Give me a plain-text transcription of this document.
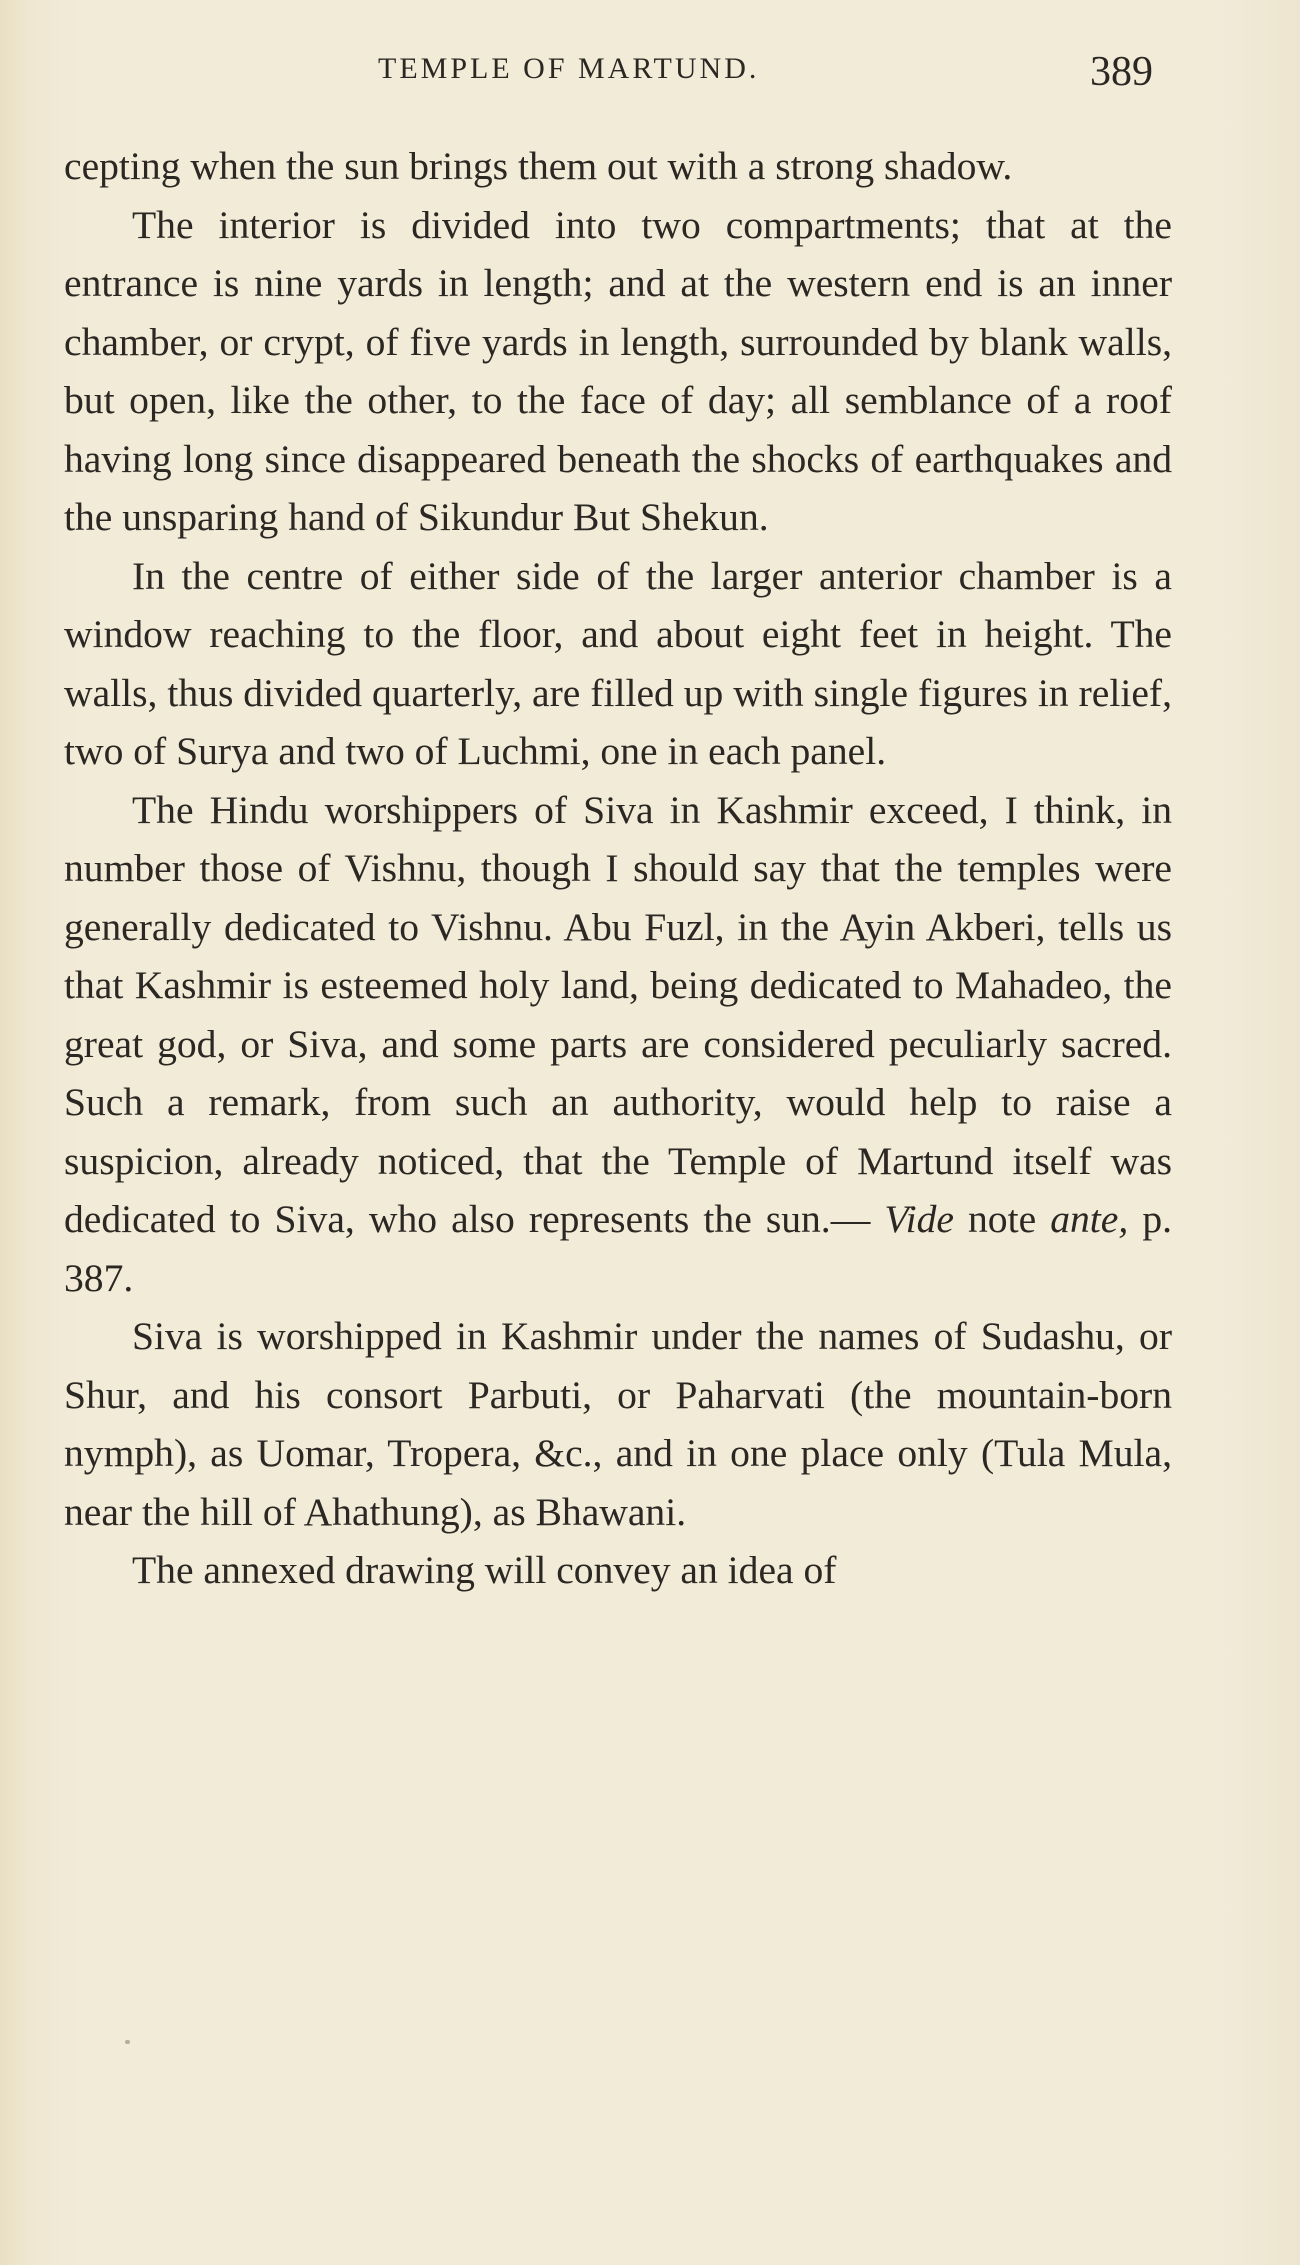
TEMPLE OF MARTUND.	389

cepting when the sun brings them out with a strong shadow.

The interior is divided into two compartments; that at the entrance is nine yards in length; and at the western end is an inner chamber, or crypt, of five yards in length, surrounded by blank walls, but open, like the other, to the face of day; all semblance of a roof having long since disappeared beneath the shocks of earthquakes and the unsparing hand of Sikundur But Shekun.

In the centre of either side of the larger anterior chamber is a window reaching to the floor, and about eight feet in height. The walls, thus divided quarterly, are filled up with single figures in relief, two of Surya and two of Luchmi, one in each panel.

The Hindu worshippers of Siva in Kashmir exceed, I think, in number those of Vishnu, though I should say that the temples were generally dedicated to Vishnu. Abu Fuzl, in the Ayin Akberi, tells us that Kashmir is esteemed holy land, being dedicated to Mahadeo, the great god, or Siva, and some parts are considered peculiarly sacred. Such a remark, from such an authority, would help to raise a suspicion, already noticed, that the Temple of Martund itself was dedicated to Siva, who also represents the sun.— Vide note ante, p. 387.

Siva is worshipped in Kashmir under the names of Sudashu, or Shur, and his consort Parbuti, or Paharvati (the mountain-born nymph), as Uomar, Tropera, &c., and in one place only (Tula Mula, near the hill of Ahathung), as Bhawani.

The annexed drawing will convey an idea of
